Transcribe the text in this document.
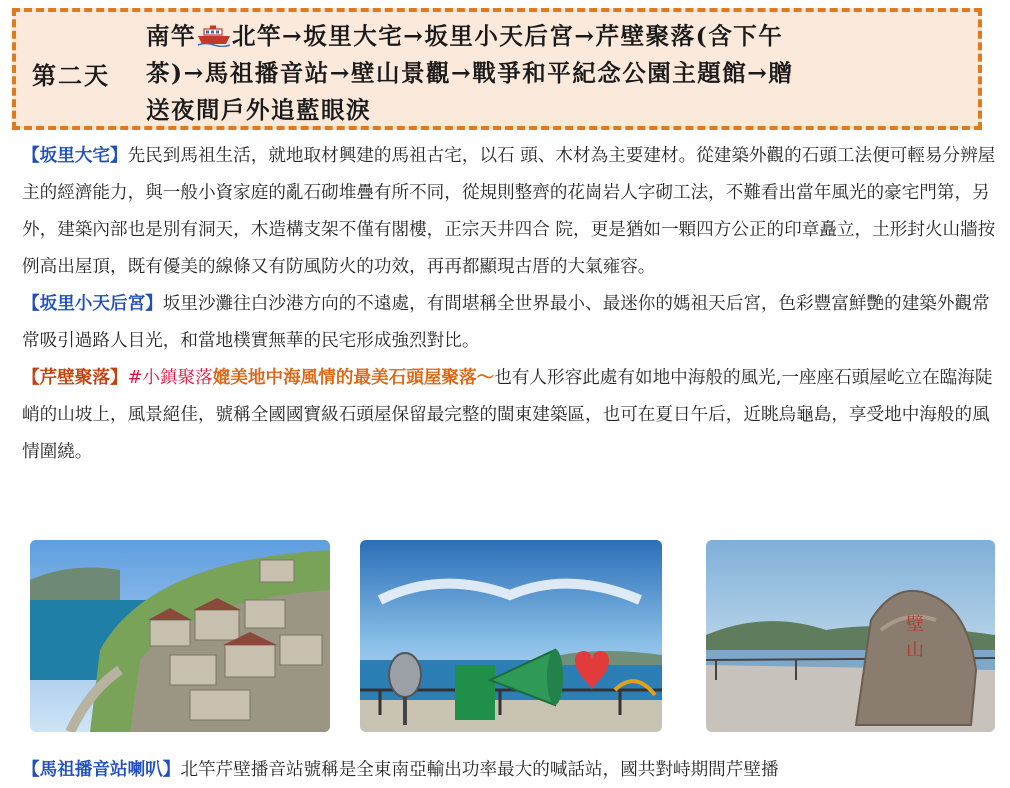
第二天
南竿 北竿→坂里大宅→坂里小天后宮→芹壁聚落(含下午
茶)→馬祖播音站→壁山景觀→戰爭和平紀念公園主題館→贈
送夜間戶外追藍眼淚

【坂里大宅】先民到馬祖生活，就地取材興建的馬祖古宅，以石 頭、木材為主要建材。從建築外觀的石頭工法便可輕易分辨屋主的經濟能力，與一般小資家庭的亂石砌堆疊有所不同，從規則整齊的花崗岩人字砌工法，不難看出當年風光的豪宅門第，另外，建築內部也是別有洞天，木造構支架不僅有閣樓，正宗天井四合 院，更是猶如一顆四方公正的印章矗立，土形封火山牆按例高出屋頂，既有優美的線條又有防風防火的功效，再再都顯現古厝的大氣雍容。

【坂里小天后宮】坂里沙灘往白沙港方向的不遠處，有間堪稱全世界最小、最迷你的媽祖天后宮，色彩豐富鮮艷的建築外觀常常吸引過路人目光，和當地樸實無華的民宅形成強烈對比。

【芹壁聚落】#小鎮聚落媲美地中海風情的最美石頭屋聚落～也有人形容此處有如地中海般的風光,一座座石頭屋屹立在臨海陡峭的山坡上，風景絕佳，號稱全國國寶級石頭屋保留最完整的閩東建築區，也可在夏日午后，近眺烏龜島，享受地中海般的風情圍繞。

壁山
【馬祖播音站喇叭】北竿芹壁播音站號稱是全東南亞輸出功率最大的喊話站，國共對峙期間芹壁播
